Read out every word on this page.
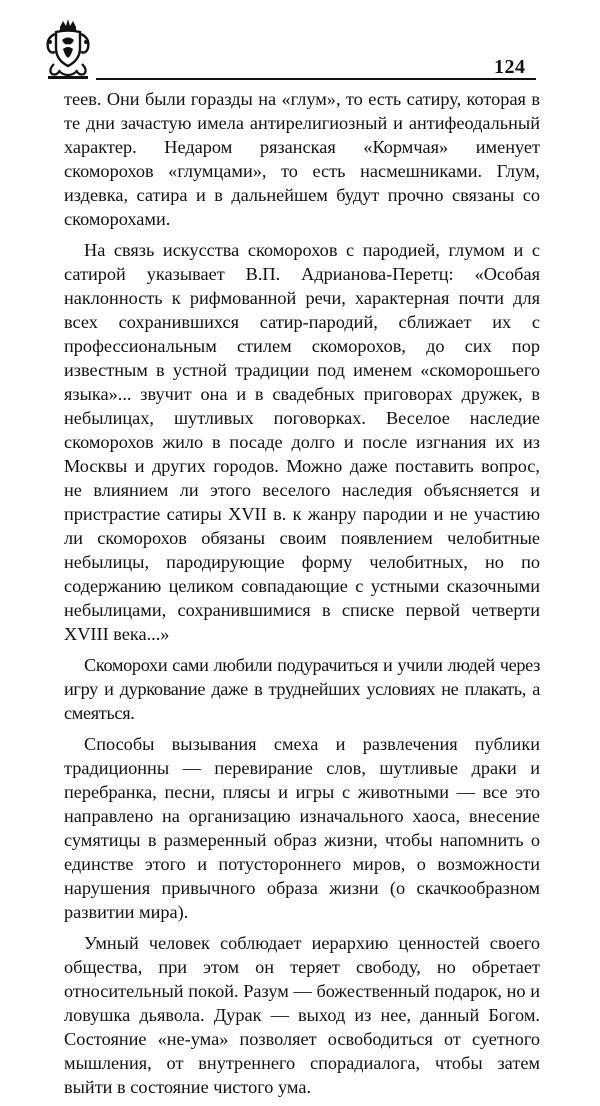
124

теев. Они были горазды на «глум», то есть сатиру, которая в те дни зачастую имела антирелигиозный и антифеодальный характер. Недаром рязанская «Кормчая» именует скоморохов «глумцами», то есть насмешниками. Глум, издевка, сатира и в дальнейшем будут прочно связаны со скоморохами.

На связь искусства скоморохов с пародией, глумом и с сатирой указывает В.П. Адрианова-Перетц: «Особая наклонность к рифмованной речи, характерная почти для всех сохранившихся сатир-пародий, сближает их с профессиональным стилем скоморохов, до сих пор известным в устной традиции под именем «скоморошьего языка»... звучит она и в свадебных приговорах дружек, в небылицах, шутливых поговорках. Веселое наследие скоморохов жило в посаде долго и после изгнания их из Москвы и других городов. Можно даже поставить вопрос, не влиянием ли этого веселого наследия объясняется и пристрастие сатиры XVII в. к жанру пародии и не участию ли скоморохов обязаны своим появлением челобитные небылицы, пародирующие форму челобитных, но по содержанию целиком совпадающие с устными сказочными небылицами, сохранившимися в списке первой четверти XVIII века...»

Скоморохи сами любили подурачиться и учили людей через игру и дуркование даже в труднейших условиях не плакать, а смеяться.

Способы вызывания смеха и развлечения публики традиционны — перевирание слов, шутливые драки и перебранка, песни, плясы и игры с животными — все это направлено на организацию изначального хаоса, внесение сумятицы в размеренный образ жизни, чтобы напомнить о единстве этого и потустороннего миров, о возможности нарушения привычного образа жизни (о скачкообразном развитии мира).

Умный человек соблюдает иерархию ценностей своего общества, при этом он теряет свободу, но обретает относительный покой. Разум — божественный подарок, но и ловушка дьявола. Дурак — выход из нее, данный Богом. Состояние «не-ума» позволяет освободиться от суетного мышления, от внутреннего спорадиалога, чтобы затем выйти в состояние чистого ума.
